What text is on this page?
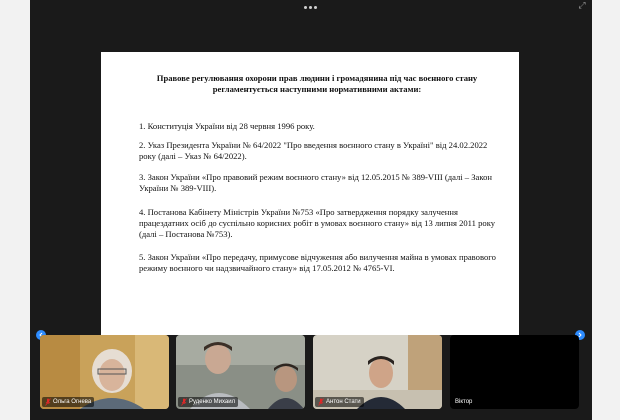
⤢
Правове регулювання охорони прав людини і громадянина під час воєнного стану регламентується наступними нормативними актами:
1. Конституція України від 28 червня 1996 року.
2. Указ Президента України № 64/2022 "Про введення воєнного стану в Україні" від 24.02.2022 року (далі – Указ № 64/2022).
3. Закон України «Про правовий режим воєнного стану» від 12.05.2015 № 389-VIII (далі – Закон України № 389-VIII).
4. Постанова Кабінету Міністрів України №753 «Про затвердження порядку залучення працездатних осіб до суспільно корисних робіт в умовах воєнного стану» від 13 липня 2011 року (далі – Постанова №753).
5. Закон України «Про передачу, примусове відчуження або вилучення майна в умовах правового режиму воєнного чи надзвичайного стану» від 17.05.2012 № 4765-VI.
Ольга Огнева	Руденко Михаил	Антон Стати	Віктор
